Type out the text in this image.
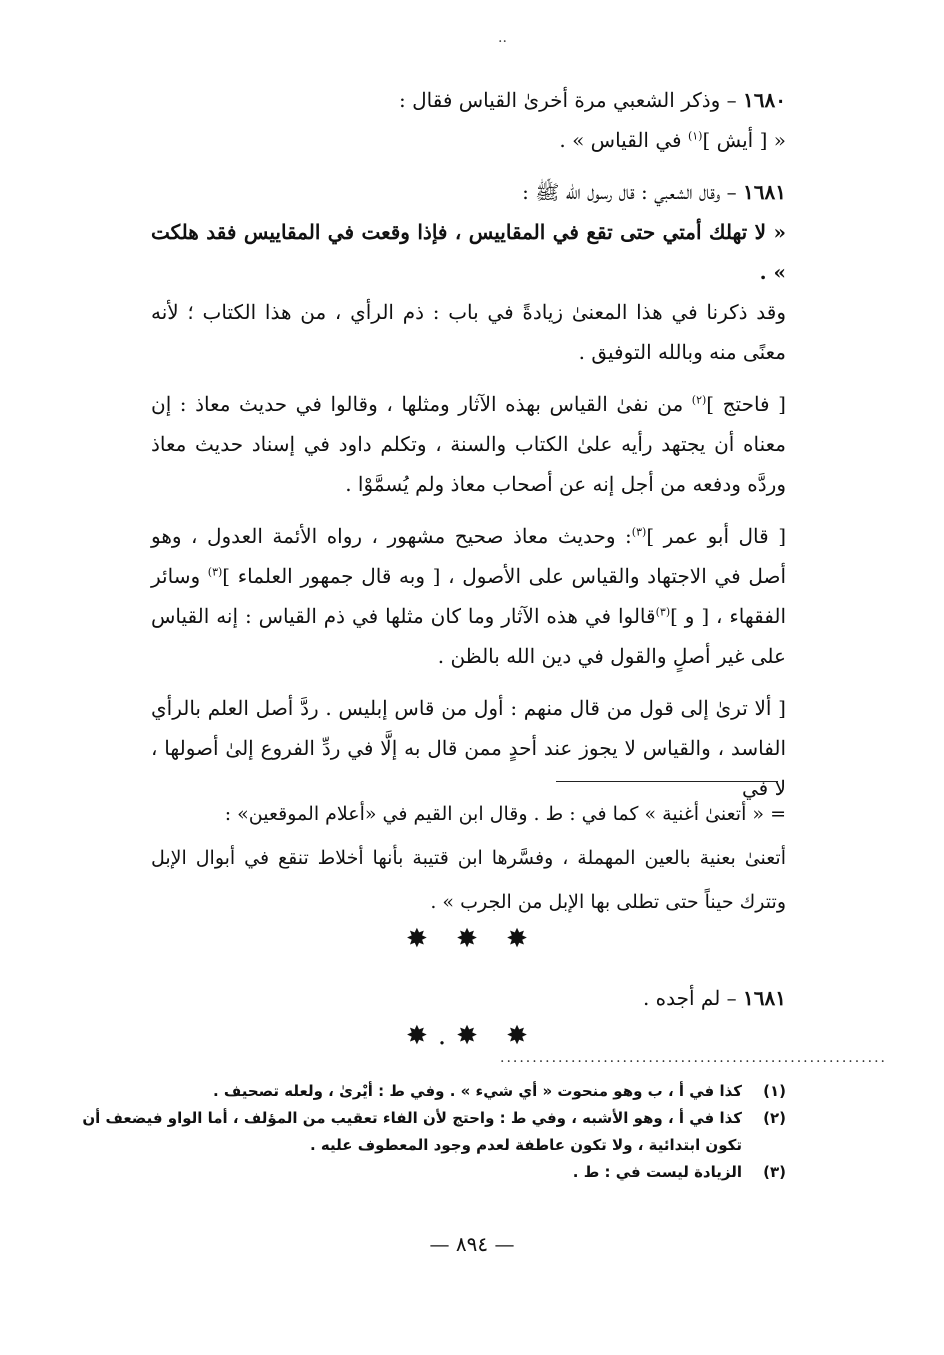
..

١٦٨٠ – وذكر الشعبي مرة أخرىٰ القياس فقال :

« [ أيش ]$^{(١)}$ في القياس » .

١٦٨١ – وقال الشعبي : قال رسول الله ﷺ :

« لا تهلك أمتي حتى تقع في المقاييس ، فإذا وقعت في المقاييس فقد هلكت » .

وقد ذكرنا في هذا المعنىٰ زيادةً في باب : ذم الرأي ، من هذا الكتاب ؛ لأنه معنًى منه وبالله التوفيق .

[ فاحتج ]$^{(٢)}$ من نفىٰ القياس بهذه الآثار ومثلها ، وقالوا في حديث معاذ : إن معناه أن يجتهد رأيه علىٰ الكتاب والسنة ، وتكلم داود في إسناد حديث معاذ وردَّه ودفعه من أجل إنه عن أصحاب معاذ ولم يُسمَّوْا .

[ قال أبو عمر ]$^{(٣)}$: وحديث معاذ صحيح مشهور ، رواه الأئمة العدول ، وهو أصل في الاجتهاد والقياس على الأصول ، [ وبه قال جمهور العلماء ]$^{(٣)}$ وسائر الفقهاء ، [ و ]$^{(٣)}$قالوا في هذه الآثار وما كان مثلها في ذم القياس : إنه القياس على غير أصلٍ والقول في دين الله بالظن .

[ ألا ترىٰ إلى قول من قال منهم : أول من قاس إبليس . ردَّ أصل العلم بالرأي الفاسد ، والقياس لا يجوز عند أحدٍ ممن قال به إلَّا في ردِّ الفروع إلىٰ أصولها ، لا في

= « أتعنىٰ أغنية » كما في : ط . وقال ابن القيم في «أعلام الموقعين» :

أتعنىٰ بعنية بالعين المهملة ، وفسَّرها ابن قتيبة بأنها أخلاط تنقع في أبوال الإبل وتترك حيناً حتى تطلى بها الإبل من الجرب » .

✸ ✸ ✸
١٦٨١ – لم أجده .
✸.✸ ✸
............................................................
(١)
كذا في أ ، ب وهو منحوت « أي شيء » . وفي ط : أيْرىٰ ، ولعله تصحيف .
(٢)
كذا في أ ، وهو الأشبه ، وفي ط : واحتج لأن الفاء تعقيب من المؤلف ، أما الواو فيضعف أن تكون ابتدائية ، ولا تكون عاطفة لعدم وجود المعطوف عليه .
(٣)
الزيادة ليست في : ط .
— ٨٩٤ —
